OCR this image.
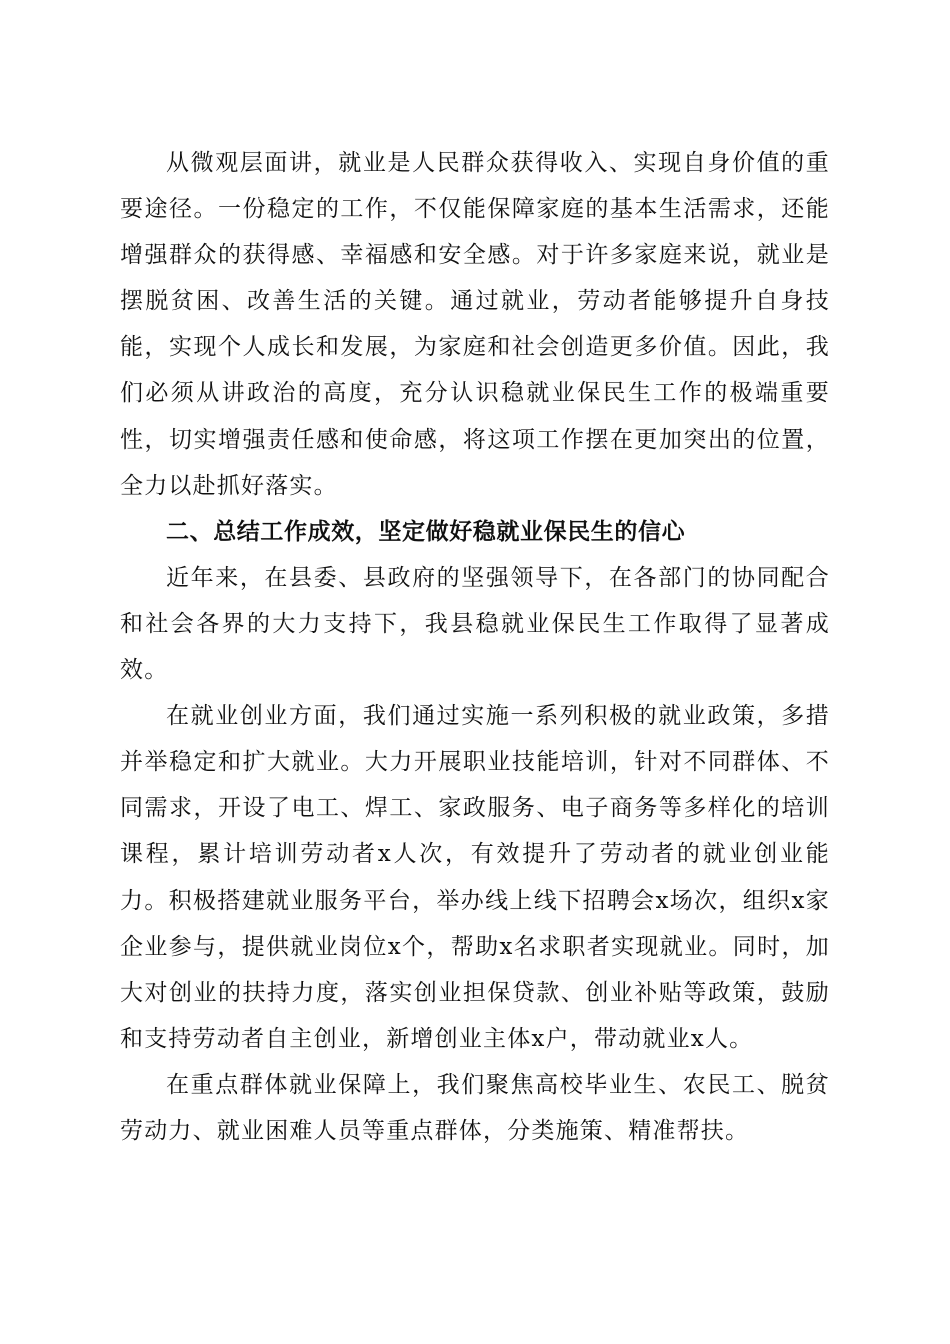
从微观层面讲，就业是人民群众获得收入、实现自身价值的重要途径。一份稳定的工作，不仅能保障家庭的基本生活需求，还能增强群众的获得感、幸福感和安全感。对于许多家庭来说，就业是摆脱贫困、改善生活的关键。通过就业，劳动者能够提升自身技能，实现个人成长和发展，为家庭和社会创造更多价值。因此，我们必须从讲政治的高度，充分认识稳就业保民生工作的极端重要性，切实增强责任感和使命感，将这项工作摆在更加突出的位置，全力以赴抓好落实。

二、总结工作成效，坚定做好稳就业保民生的信心

近年来，在县委、县政府的坚强领导下，在各部门的协同配合和社会各界的大力支持下，我县稳就业保民生工作取得了显著成效。

在就业创业方面，我们通过实施一系列积极的就业政策，多措并举稳定和扩大就业。大力开展职业技能培训，针对不同群体、不同需求，开设了电工、焊工、家政服务、电子商务等多样化的培训课程，累计培训劳动者x人次，有效提升了劳动者的就业创业能力。积极搭建就业服务平台，举办线上线下招聘会x场次，组织x家企业参与，提供就业岗位x个，帮助x名求职者实现就业。同时，加大对创业的扶持力度，落实创业担保贷款、创业补贴等政策，鼓励和支持劳动者自主创业，新增创业主体x户，带动就业x人。

在重点群体就业保障上，我们聚焦高校毕业生、农民工、脱贫劳动力、就业困难人员等重点群体，分类施策、精准帮扶。
